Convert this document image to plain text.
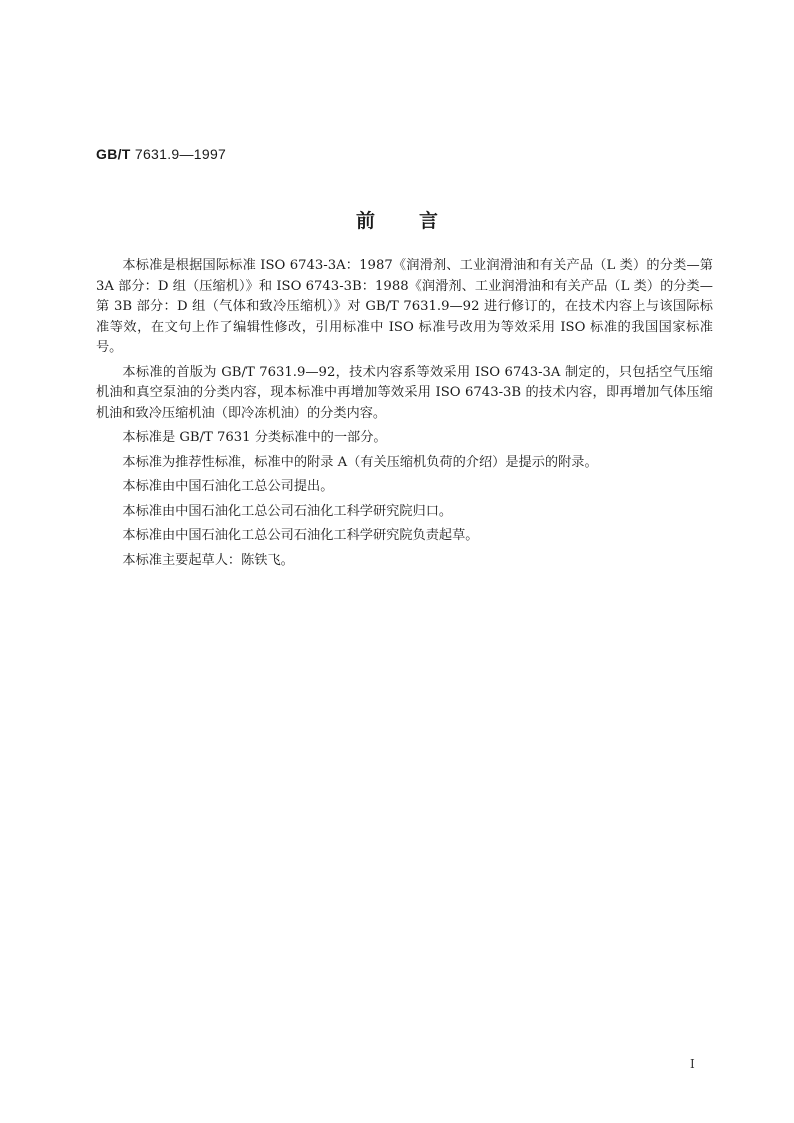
GB/T 7631.9—1997
前言

本标准是根据国际标准 ISO 6743-3A：1987《润滑剂、工业润滑油和有关产品（L 类）的分类—第 3A 部分：D 组（压缩机）》和 ISO 6743-3B：1988《润滑剂、工业润滑油和有关产品（L 类）的分类—第 3B 部分：D 组（气体和致冷压缩机）》对 GB/T 7631.9—92 进行修订的，在技术内容上与该国际标准等效，在文句上作了编辑性修改，引用标准中 ISO 标准号改用为等效采用 ISO 标准的我国国家标准号。

本标准的首版为 GB/T 7631.9—92，技术内容系等效采用 ISO 6743-3A 制定的，只包括空气压缩机油和真空泵油的分类内容，现本标准中再增加等效采用 ISO 6743-3B 的技术内容，即再增加气体压缩机油和致冷压缩机油（即冷冻机油）的分类内容。

本标准是 GB/T 7631 分类标准中的一部分。

本标准为推荐性标准，标准中的附录 A（有关压缩机负荷的介绍）是提示的附录。

本标准由中国石油化工总公司提出。

本标准由中国石油化工总公司石油化工科学研究院归口。

本标准由中国石油化工总公司石油化工科学研究院负责起草。

本标准主要起草人：陈铁飞。

I
